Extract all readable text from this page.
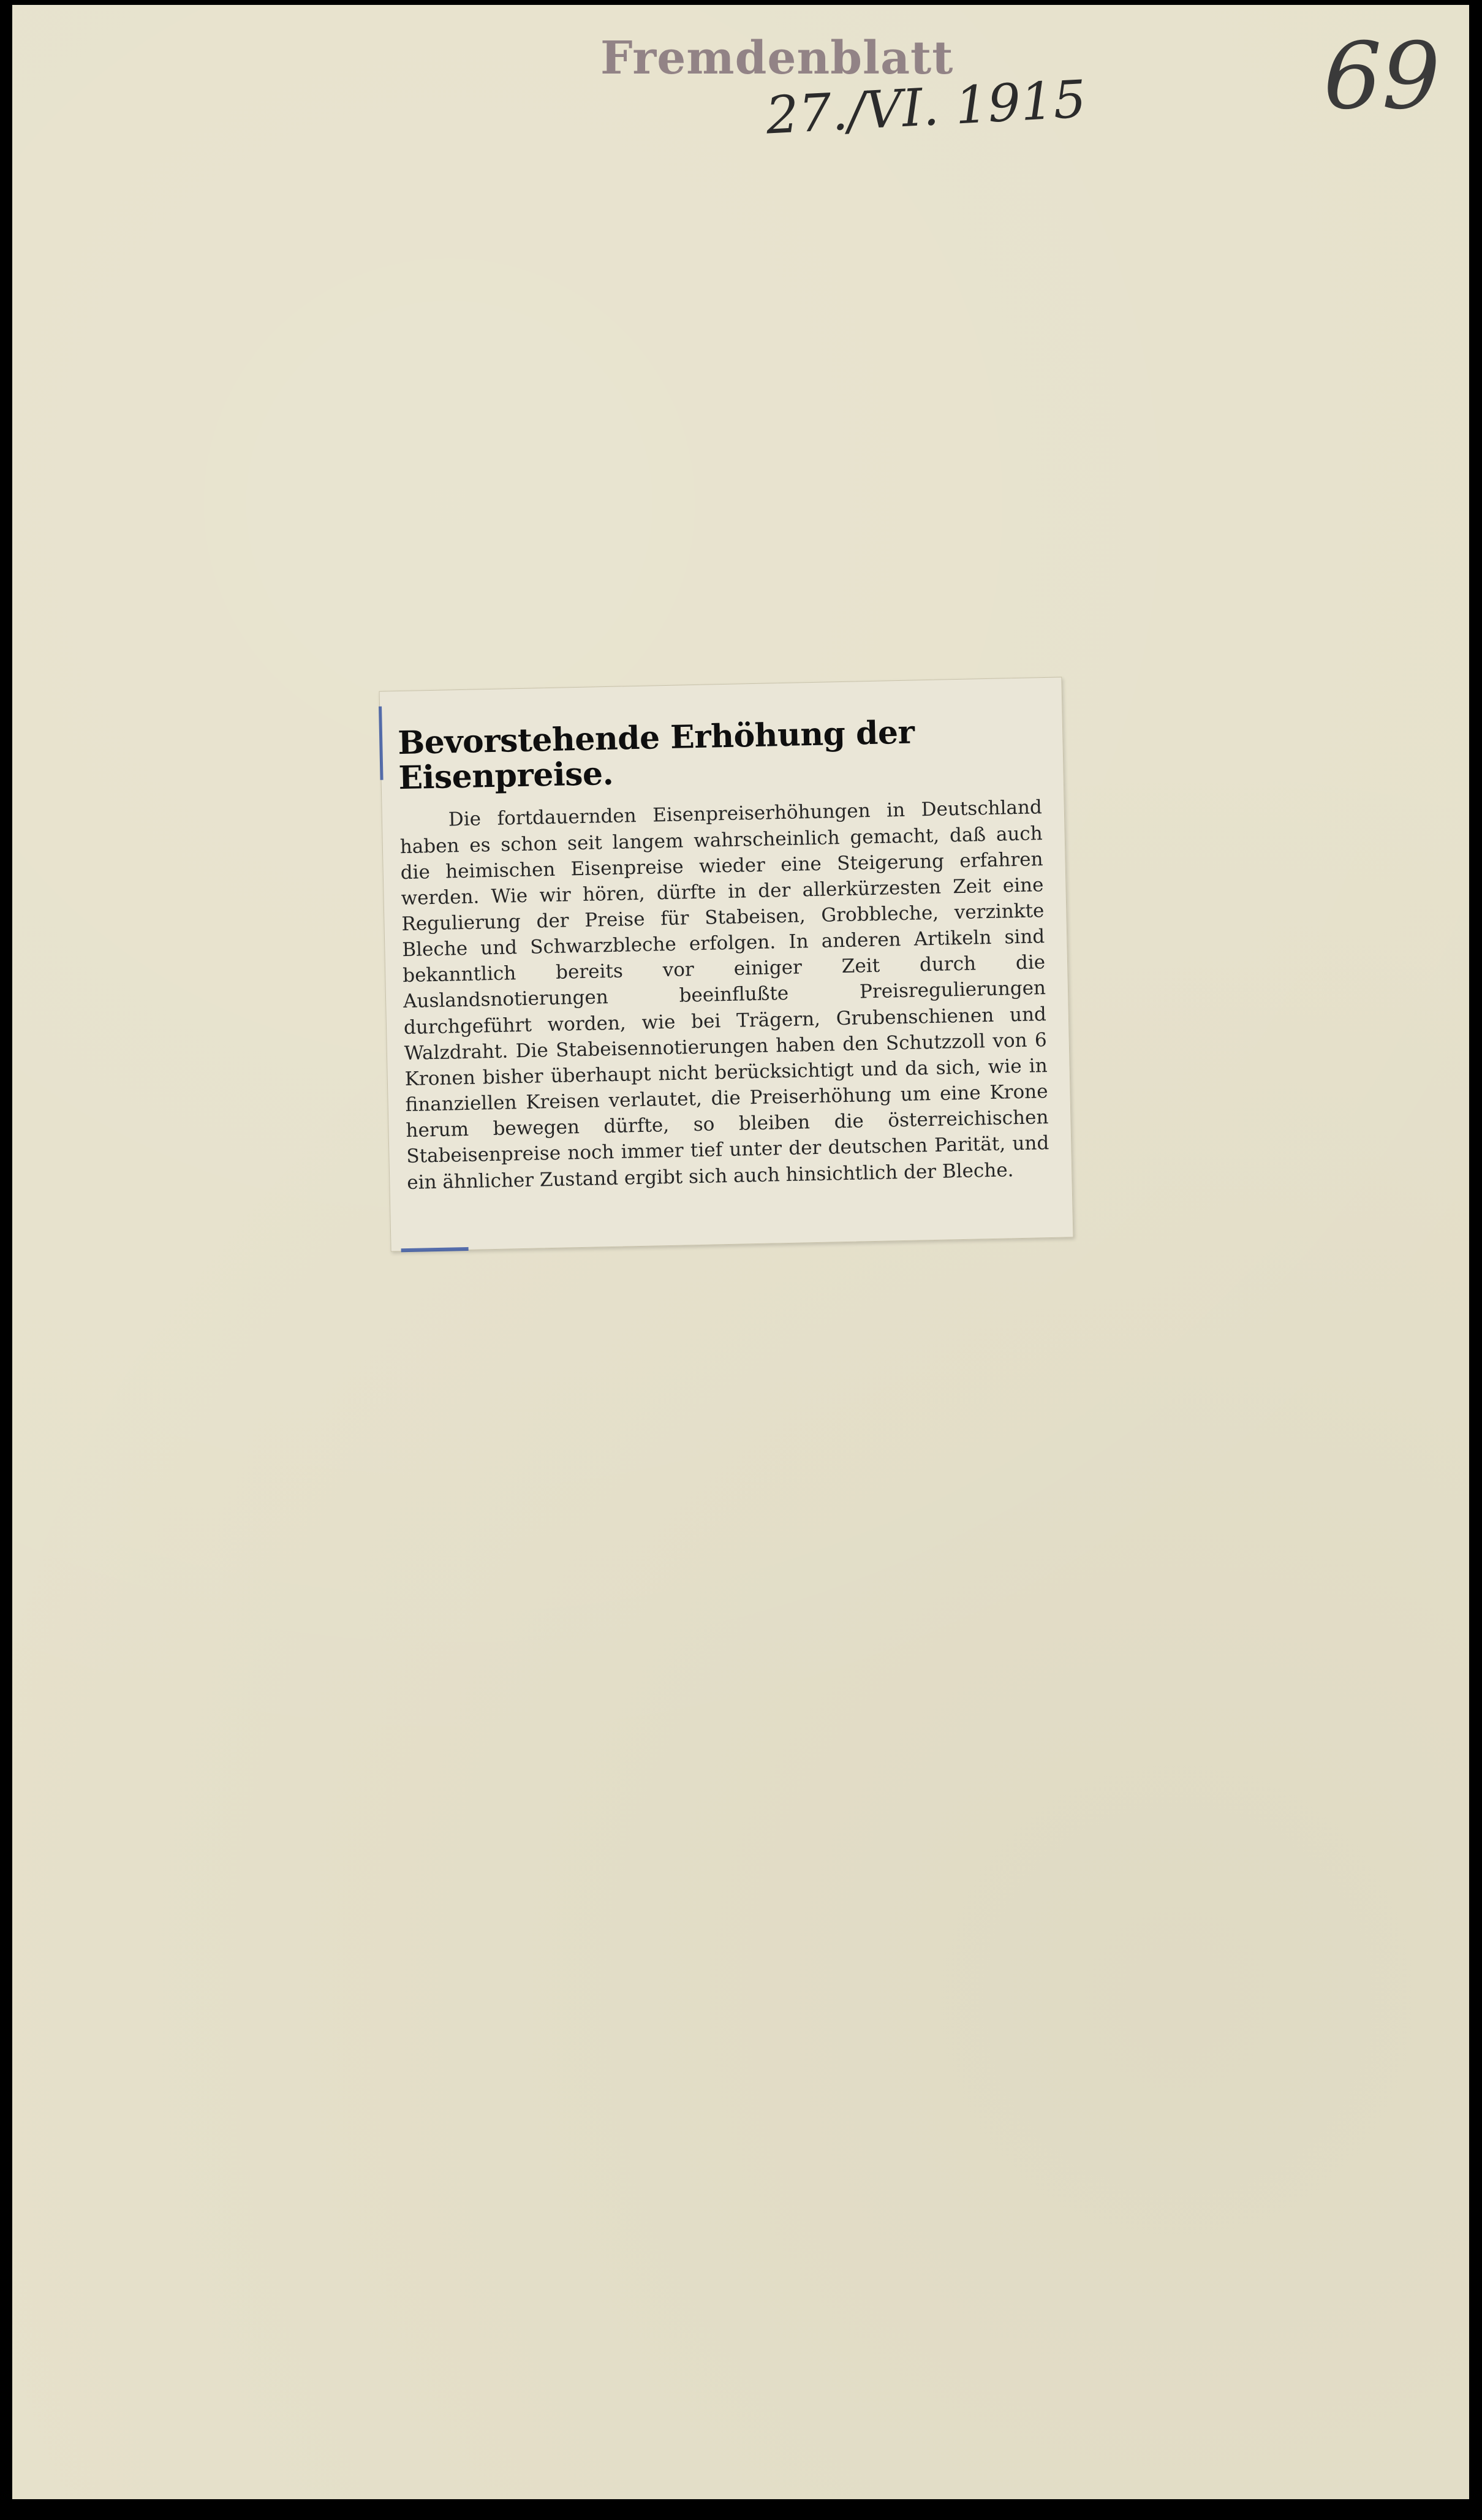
Fremdenblatt
27./VI. 1915	69
Bevorstehende Erhöhung der Eisenpreise.

Die fortdauernden Eisenpreiserhöhungen in Deutschland haben es schon seit langem wahrscheinlich gemacht, daß auch die heimischen Eisenpreise wieder eine Steigerung erfahren werden. Wie wir hören, dürfte in der allerkürzesten Zeit eine Regulierung der Preise für Stabeisen, Grobbleche, verzinkte Bleche und Schwarzbleche erfolgen. In anderen Artikeln sind bekanntlich bereits vor einiger Zeit durch die Auslandsnotierungen beeinflußte Preisregulierungen durchgeführt worden, wie bei Trägern, Grubenschienen und Walzdraht. Die Stabeisennotierungen haben den Schutzzoll von 6 Kronen bisher überhaupt nicht berücksichtigt und da sich, wie in finanziellen Kreisen verlautet, die Preiserhöhung um eine Krone herum bewegen dürfte, so bleiben die österreichischen Stabeisenpreise noch immer tief unter der deutschen Parität, und ein ähnlicher Zustand ergibt sich auch hinsichtlich der Bleche.
